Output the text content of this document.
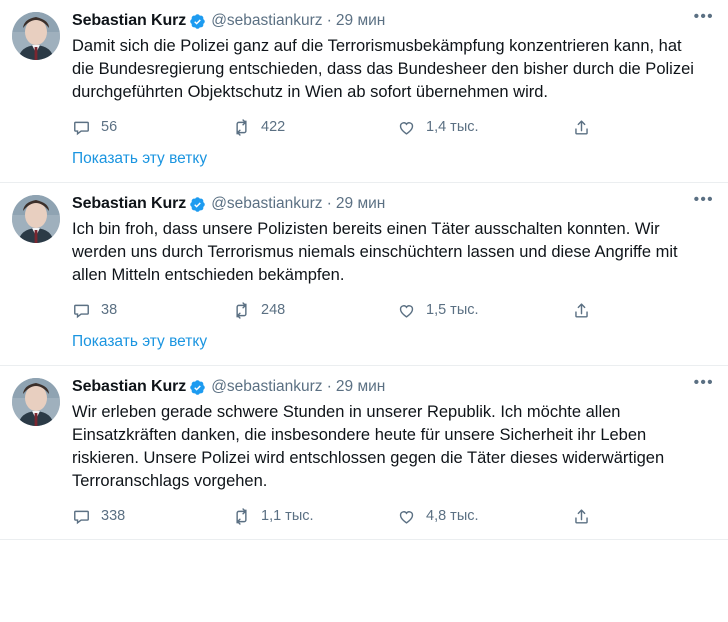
Sebastian Kurz @sebastiankurz · 29 мин
Damit sich die Polizei ganz auf die Terrorismusbekämpfung konzentrieren kann, hat die Bundesregierung entschieden, dass das Bundesheer den bisher durch die Polizei durchgeführten Objektschutz in Wien ab sofort übernehmen wird.
56	422	1,4 тыс.
•••
Показать эту ветку
Sebastian Kurz @sebastiankurz · 29 мин
Ich bin froh, dass unsere Polizisten bereits einen Täter ausschalten konnten. Wir werden uns durch Terrorismus niemals einschüchtern lassen und diese Angriffe mit allen Mitteln entschieden bekämpfen.
38	248	1,5 тыс.
•••
Показать эту ветку
Sebastian Kurz @sebastiankurz · 29 мин
Wir erleben gerade schwere Stunden in unserer Republik. Ich möchte allen Einsatzkräften danken, die insbesondere heute für unsere Sicherheit ihr Leben riskieren. Unsere Polizei wird entschlossen gegen die Täter dieses widerwärtigen Terroranschlags vorgehen.
338	1,1 тыс.	4,8 тыс.
•••
